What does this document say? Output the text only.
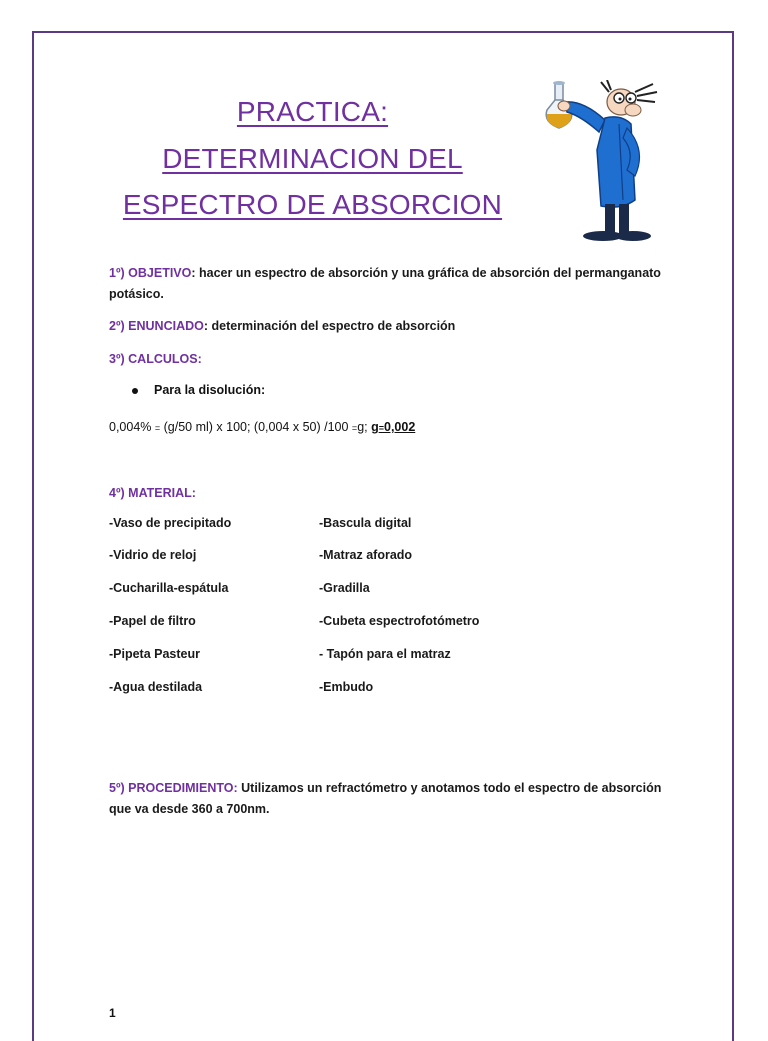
PRACTICA:
DETERMINACION DEL
ESPECTRO DE ABSORCION
1º) OBJETIVO: hacer un espectro de absorción y una gráfica de absorción del permanganato
potásico.
2º) ENUNCIADO: determinación del espectro de absorción
3º) CALCULOS:
Para la disolución:
0,004% = (g/50 ml) x 100; (0,004 x 50) /100 =g; g=0,002
4º) MATERIAL:
-Vaso de precipitado
-Vidrio de reloj
-Cucharilla-espátula
-Papel de filtro
-Pipeta Pasteur
-Agua destilada
-Bascula digital
-Matraz aforado
-Gradilla
-Cubeta espectrofotómetro
- Tapón para el matraz
-Embudo
5º) PROCEDIMIENTO: Utilizamos un refractómetro y anotamos todo el espectro de absorción
que va desde 360 a 700nm.
1
